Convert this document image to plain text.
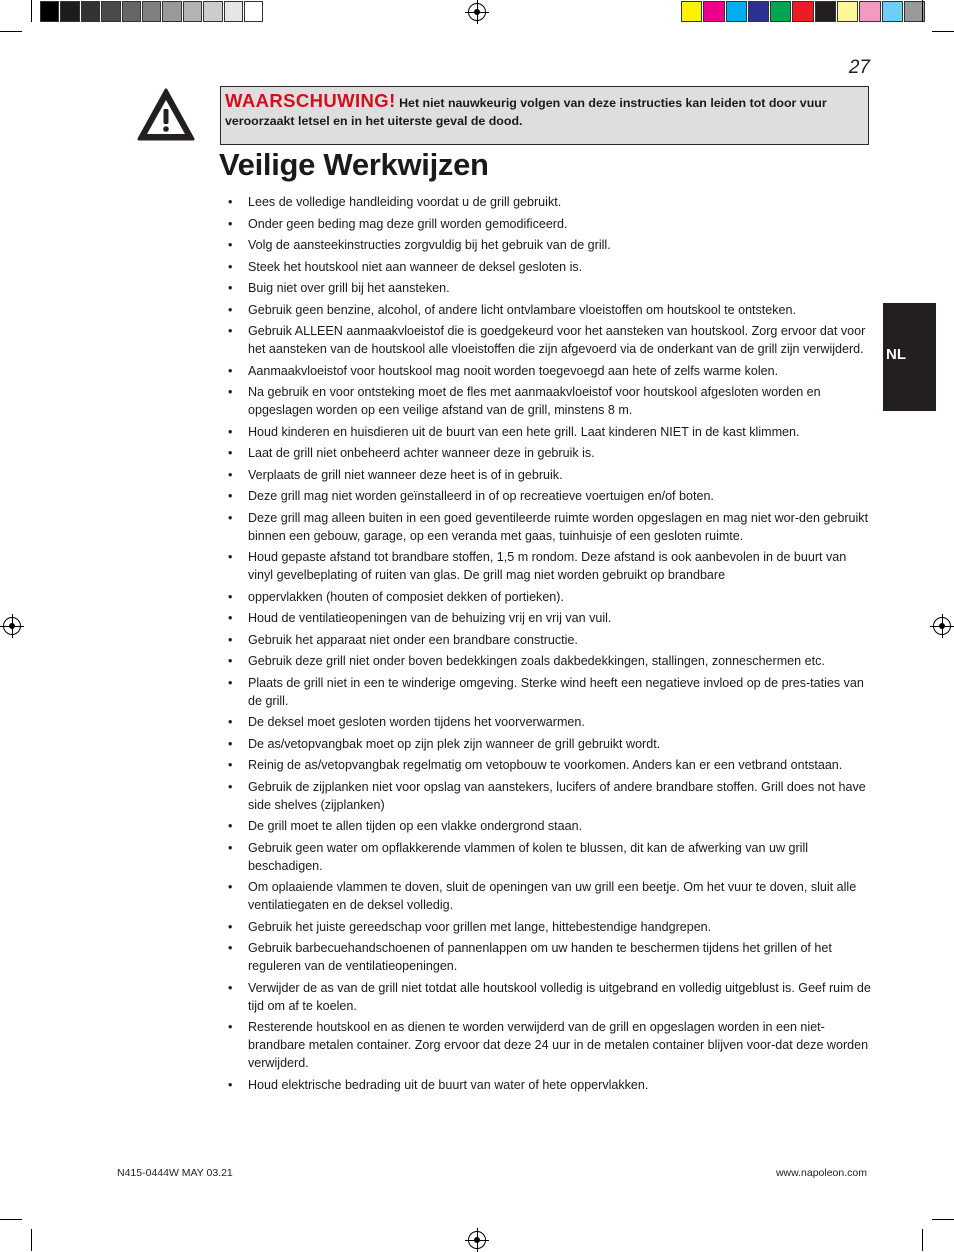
27
WAARSCHUWING! Het niet nauwkeurig volgen van deze instructies kan leiden tot door vuur veroorzaakt letsel en in het uiterste geval de dood.
Veilige Werkwijzen
NL
• Lees de volledige handleiding voordat u de grill gebruikt.
• Onder geen beding mag deze grill worden gemodificeerd.
• Volg de aansteekinstructies zorgvuldig bij het gebruik van de grill.
• Steek het houtskool niet aan wanneer de deksel gesloten is.
• Buig niet over grill bij het aansteken.
• Gebruik geen benzine, alcohol, of andere licht ontvlambare vloeistoffen om houtskool te ontsteken.
• Gebruik ALLEEN aanmaakvloeistof die is goedgekeurd voor het aansteken van houtskool. Zorg ervoor dat voor het aansteken van de houtskool alle vloeistoffen die zijn afgevoerd via de onderkant van de grill zijn verwijderd.
• Aanmaakvloeistof voor houtskool mag nooit worden toegevoegd aan hete of zelfs warme kolen.
• Na gebruik en voor ontsteking moet de fles met aanmaakvloeistof voor houtskool afgesloten worden en opgeslagen worden op een veilige afstand van de grill, minstens 8 m.
• Houd kinderen en huisdieren uit de buurt van een hete grill. Laat kinderen NIET in de kast klimmen.
• Laat de grill niet onbeheerd achter wanneer deze in gebruik is.
• Verplaats de grill niet wanneer deze heet is of in gebruik.
• Deze grill mag niet worden geïnstalleerd in of op recreatieve voertuigen en/of boten.
• Deze grill mag alleen buiten in een goed geventileerde ruimte worden opgeslagen en mag niet wor-den gebruikt binnen een gebouw, garage, op een veranda met gaas, tuinhuisje of een gesloten ruimte.
• Houd gepaste afstand tot brandbare stoffen, 1,5 m rondom. Deze afstand is ook aanbevolen in de buurt van vinyl gevelbeplating of ruiten van glas. De grill mag niet worden gebruikt op brandbare
• oppervlakken (houten of composiet dekken of portieken).
• Houd de ventilatieopeningen van de behuizing vrij en vrij van vuil.
• Gebruik het apparaat niet onder een brandbare constructie.
• Gebruik deze grill niet onder boven bedekkingen zoals dakbedekkingen, stallingen, zonneschermen etc.
• Plaats de grill niet in een te winderige omgeving. Sterke wind heeft een negatieve invloed op de pres-taties van de grill.
• De deksel moet gesloten worden tijdens het voorverwarmen.
• De as/vetopvangbak moet op zijn plek zijn wanneer de grill gebruikt wordt.
• Reinig de as/vetopvangbak regelmatig om vetopbouw te voorkomen. Anders kan er een vetbrand ontstaan.
• Gebruik de zijplanken niet voor opslag van aanstekers, lucifers of andere brandbare stoffen. Grill does not have side shelves (zijplanken)
• De grill moet te allen tijden op een vlakke ondergrond staan.
• Gebruik geen water om opflakkerende vlammen of kolen te blussen, dit kan de afwerking van uw grill beschadigen.
• Om oplaaiende vlammen te doven, sluit de openingen van uw grill een beetje. Om het vuur te doven, sluit alle ventilatiegaten en de deksel volledig.
• Gebruik het juiste gereedschap voor grillen met lange, hittebestendige handgrepen.
• Gebruik barbecuehandschoenen of pannenlappen om uw handen te beschermen tijdens het grillen of het reguleren van de ventilatieopeningen.
• Verwijder de as van de grill niet totdat alle houtskool volledig is uitgebrand en volledig uitgeblust is. Geef ruim de tijd om af te koelen.
• Resterende houtskool en as dienen te worden verwijderd van de grill en opgeslagen worden in een niet-brandbare metalen container. Zorg ervoor dat deze 24 uur in de metalen container blijven voor-dat deze worden verwijderd.
• Houd elektrische bedrading uit de buurt van water of hete oppervlakken.
N415-0444W MAY 03.21	www.napoleon.com
